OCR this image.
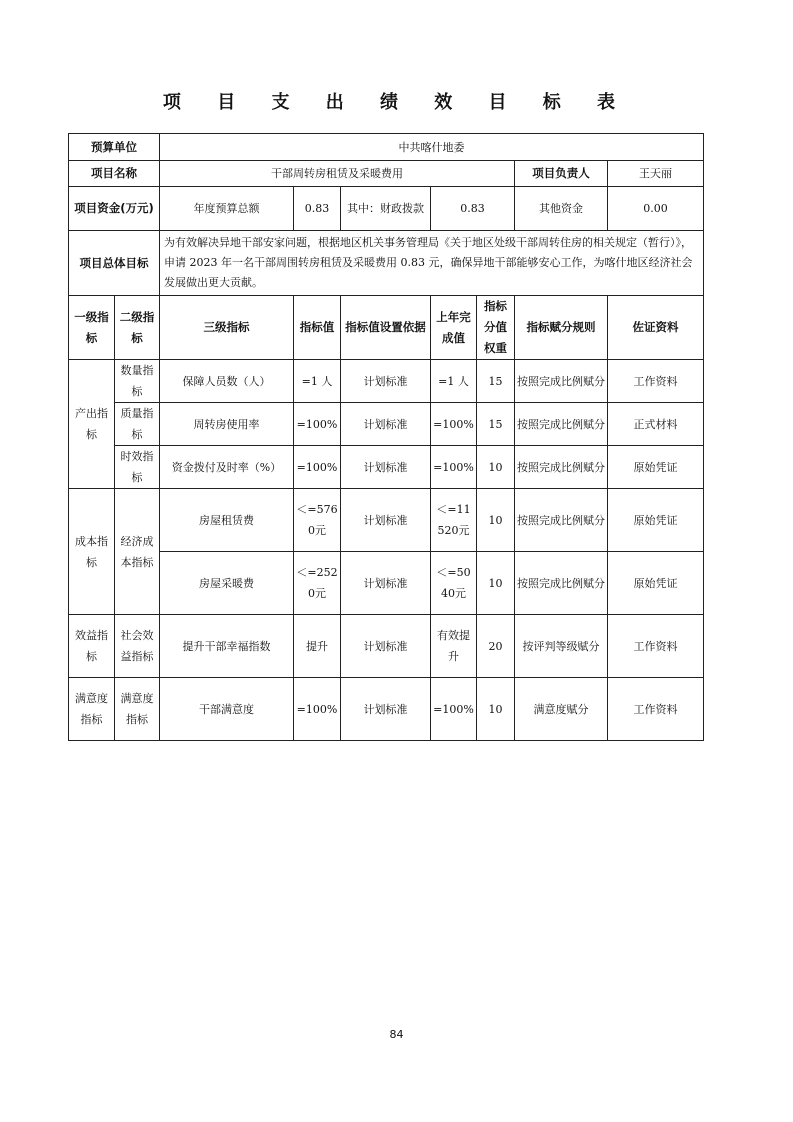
项 目 支 出 绩 效 目 标 表
预算单位		中共喀什地委						
项目名称		干部周转房租赁及采暖费用					项目负责人	王天丽
项目资金(万元)		年度预算总额	0.83	其中：财政拨款	0.83		其他资金	0.00
项目总体目标		为有效解决异地干部安家问题，根据地区机关事务管理局《关于地区处级干部周转住房的相关规定（暂行）》，申请 2023 年一名干部周围转房租赁及采暖费用 0.83 元，确保异地干部能够安心工作，为喀什地区经济社会发展做出更大贡献。						
一级指标	二级指标	三级指标	指标值	指标值设置依据	上年完成值	指标分值权重	指标赋分规则	佐证资料
产出指标	数量指标	保障人员数（人）	=1 人	计划标准	=1 人	15	按照完成比例赋分	工作资料
	质量指标	周转房使用率	=100%	计划标准	=100%	15	按照完成比例赋分	正式材料
	时效指标	资金拨付及时率（%）	=100%	计划标准	=100%	10	按照完成比例赋分	原始凭证
成本指标	经济成本指标	房屋租赁费	＜=5760元	计划标准	＜=11520元	10	按照完成比例赋分	原始凭证
		房屋采暖费	＜=2520元	计划标准	＜=5040元	10	按照完成比例赋分	原始凭证
效益指标	社会效益指标	提升干部幸福指数	提升	计划标准	有效提升	20	按评判等级赋分	工作资料
满意度指标	满意度指标	干部满意度	=100%	计划标准	=100%	10	满意度赋分	工作资料
84
